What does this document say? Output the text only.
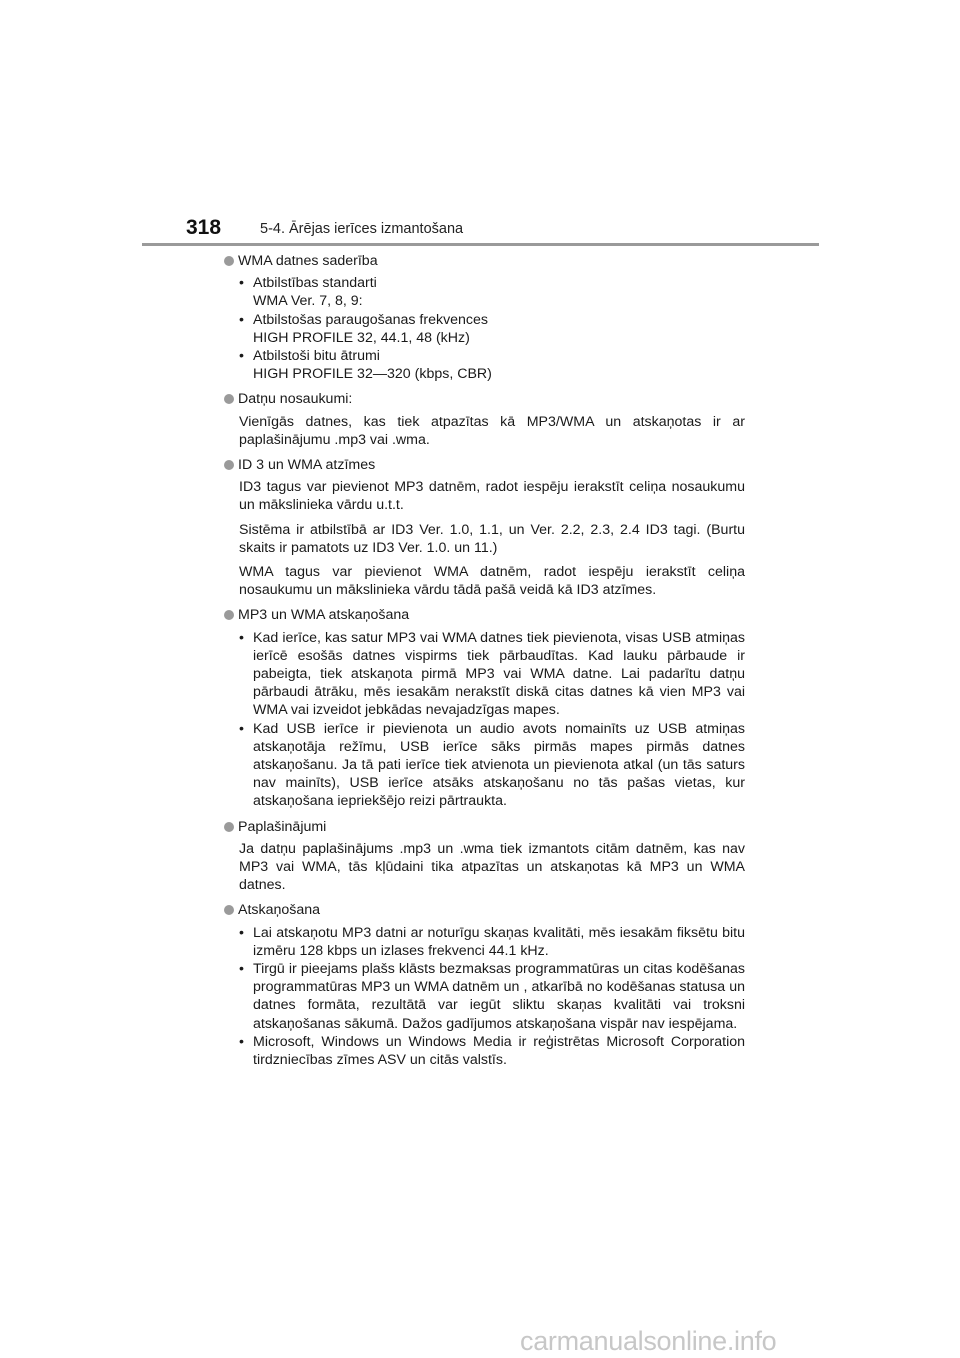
318	5-4. Ārējas ierīces izmantošana
WMA datnes saderība
• Atbilstības standarti
WMA Ver. 7, 8, 9:
• Atbilstošas paraugošanas frekvences
HIGH PROFILE 32, 44.1, 48 (kHz)
• Atbilstoši bitu ātrumi
HIGH PROFILE 32—320 (kbps, CBR)
Datņu nosaukumi:
Vienīgās datnes, kas tiek atpazītas kā MP3/WMA un atskaņotas ir ar paplašinājumu .mp3 vai .wma.
ID 3 un WMA atzīmes
ID3 tagus var pievienot MP3 datnēm, radot iespēju ierakstīt celiņa nosaukumu un mākslinieka vārdu u.t.t.
Sistēma ir atbilstībā ar ID3 Ver. 1.0, 1.1, un Ver. 2.2, 2.3, 2.4 ID3 tagi. (Burtu skaits ir pamatots uz ID3 Ver. 1.0. un 11.)
WMA tagus var pievienot WMA datnēm, radot iespēju ierakstīt celiņa nosaukumu un mākslinieka vārdu tādā pašā veidā kā ID3 atzīmes.
MP3 un WMA atskaņošana
• Kad ierīce, kas satur MP3 vai WMA datnes tiek pievienota, visas USB atmiņas ierīcē esošās datnes vispirms tiek pārbaudītas. Kad lauku pārbaude ir pabeigta, tiek atskaņota pirmā MP3 vai WMA datne. Lai padarītu datņu pārbaudi ātrāku, mēs iesakām nerakstīt diskā citas datnes kā vien MP3 vai WMA vai izveidot jebkādas nevajadzīgas mapes.
• Kad USB ierīce ir pievienota un audio avots nomainīts uz USB atmiņas atskaņotāja režīmu, USB ierīce sāks pirmās mapes pirmās datnes atskaņošanu. Ja tā pati ierīce tiek atvienota un pievienota atkal (un tās saturs nav mainīts), USB ierīce atsāks atskaņošanu no tās pašas vietas, kur atskaņošana iepriekšējo reizi pārtraukta.
Paplašinājumi
Ja datņu paplašinājums .mp3 un .wma tiek izmantots citām datnēm, kas nav MP3 vai WMA, tās kļūdaini tika atpazītas un atskaņotas kā MP3 un WMA datnes.
Atskaņošana
• Lai atskaņotu MP3 datni ar noturīgu skaņas kvalitāti, mēs iesakām fiksētu bitu izmēru 128 kbps un izlases frekvenci 44.1 kHz.
• Tirgū ir pieejams plašs klāsts bezmaksas programmatūras un citas kodēšanas programmatūras MP3 un WMA datnēm un , atkarībā no kodēšanas statusa un datnes formāta, rezultātā var iegūt sliktu skaņas kvalitāti vai troksni atskaņošanas sākumā. Dažos gadījumos atskaņošana vispār nav iespējama.
• Microsoft, Windows un Windows Media ir reģistrētas Microsoft Corporation tirdzniecības zīmes ASV un citās valstīs.
carmanualsonline.info
